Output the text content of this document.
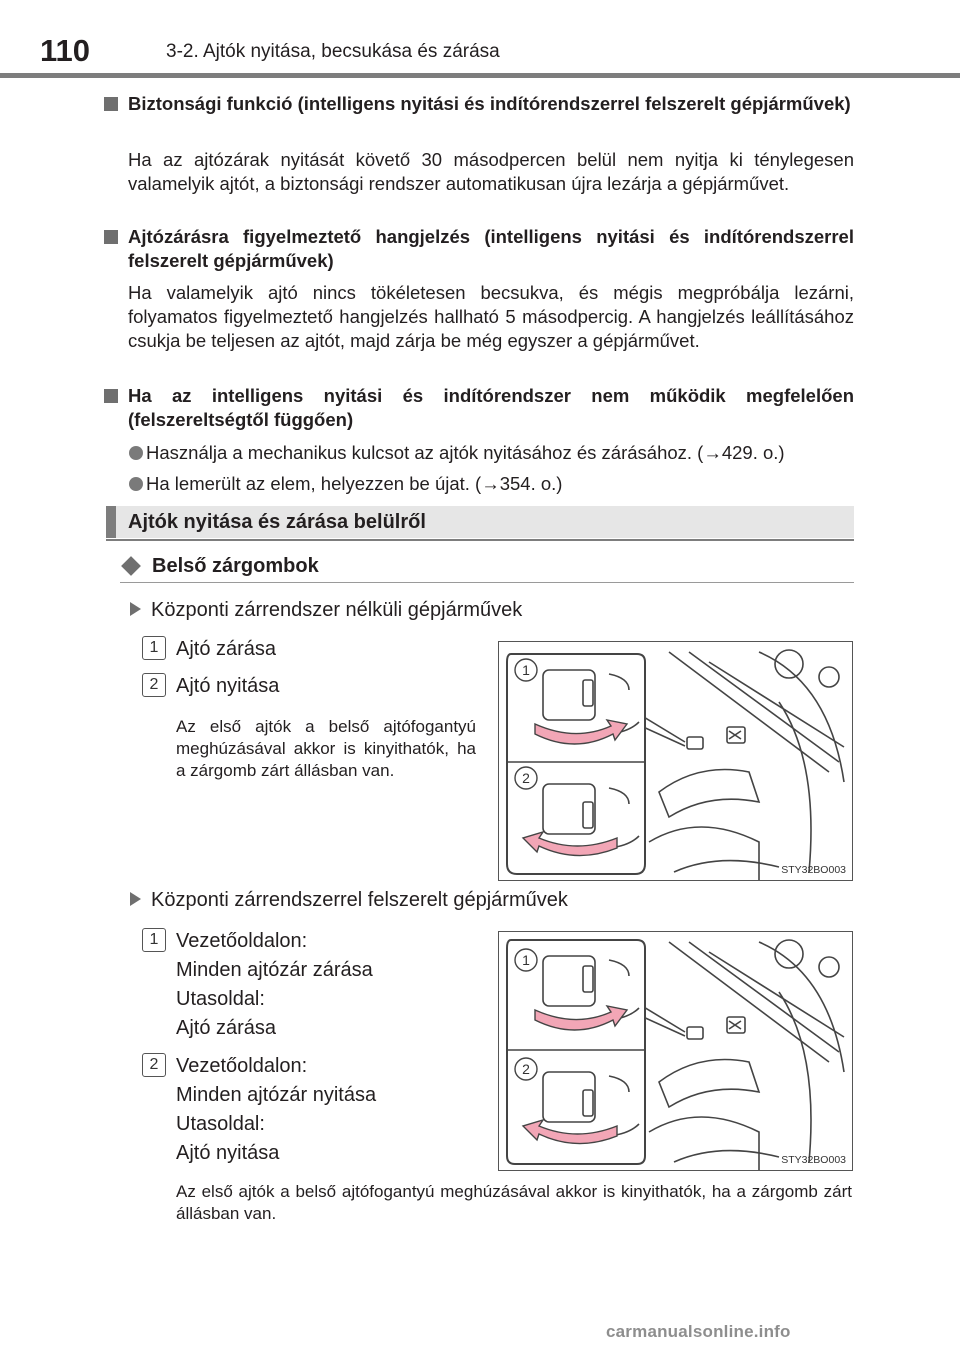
110	3-2. Ajtók nyitása, becsukása és zárása
Biztonsági funkció (intelligens nyitási és indítórendszerrel felszerelt gépjárművek)
Ha az ajtózárak nyitását követő 30 másodpercen belül nem nyitja ki ténylegesen valamelyik ajtót, a biztonsági rendszer automatikusan újra lezárja a gépjárművet.
Ajtózárásra figyelmeztető hangjelzés (intelligens nyitási és indítórendszerrel felszerelt gépjárművek)
Ha valamelyik ajtó nincs tökéletesen becsukva, és mégis megpróbálja lezárni, folyamatos figyelmeztető hangjelzés hallható 5 másodpercig. A hangjelzés leállításához csukja be teljesen az ajtót, majd zárja be még egyszer a gépjárművet.
Ha az intelligens nyitási és indítórendszer nem működik megfelelően (felszereltségtől függően)
Használja a mechanikus kulcsot az ajtók nyitásához és zárásához. (→429. o.)
Ha lemerült az elem, helyezzen be újat. (→354. o.)
Ajtók nyitása és zárása belülről
Belső zárgombok
Központi zárrendszer nélküli gépjárművek
1 Ajtó zárása
2 Ajtó nyitása
Az első ajtók a belső ajtófogantyú meghúzásával akkor is kinyithatók, ha a zárgomb zárt állásban van.
1
2
STY32BO003
Központi zárrendszerrel felszerelt gépjárművek
1 Vezetőoldalon:
Minden ajtózár zárása
Utasoldal:
Ajtó zárása
2 Vezetőoldalon:
Minden ajtózár nyitása
Utasoldal:
Ajtó nyitása
Az első ajtók a belső ajtófogantyú meghúzásával akkor is kinyithatók, ha a zárgomb zárt állásban van.
1
2
STY32BO003
carmanualsonline.info
